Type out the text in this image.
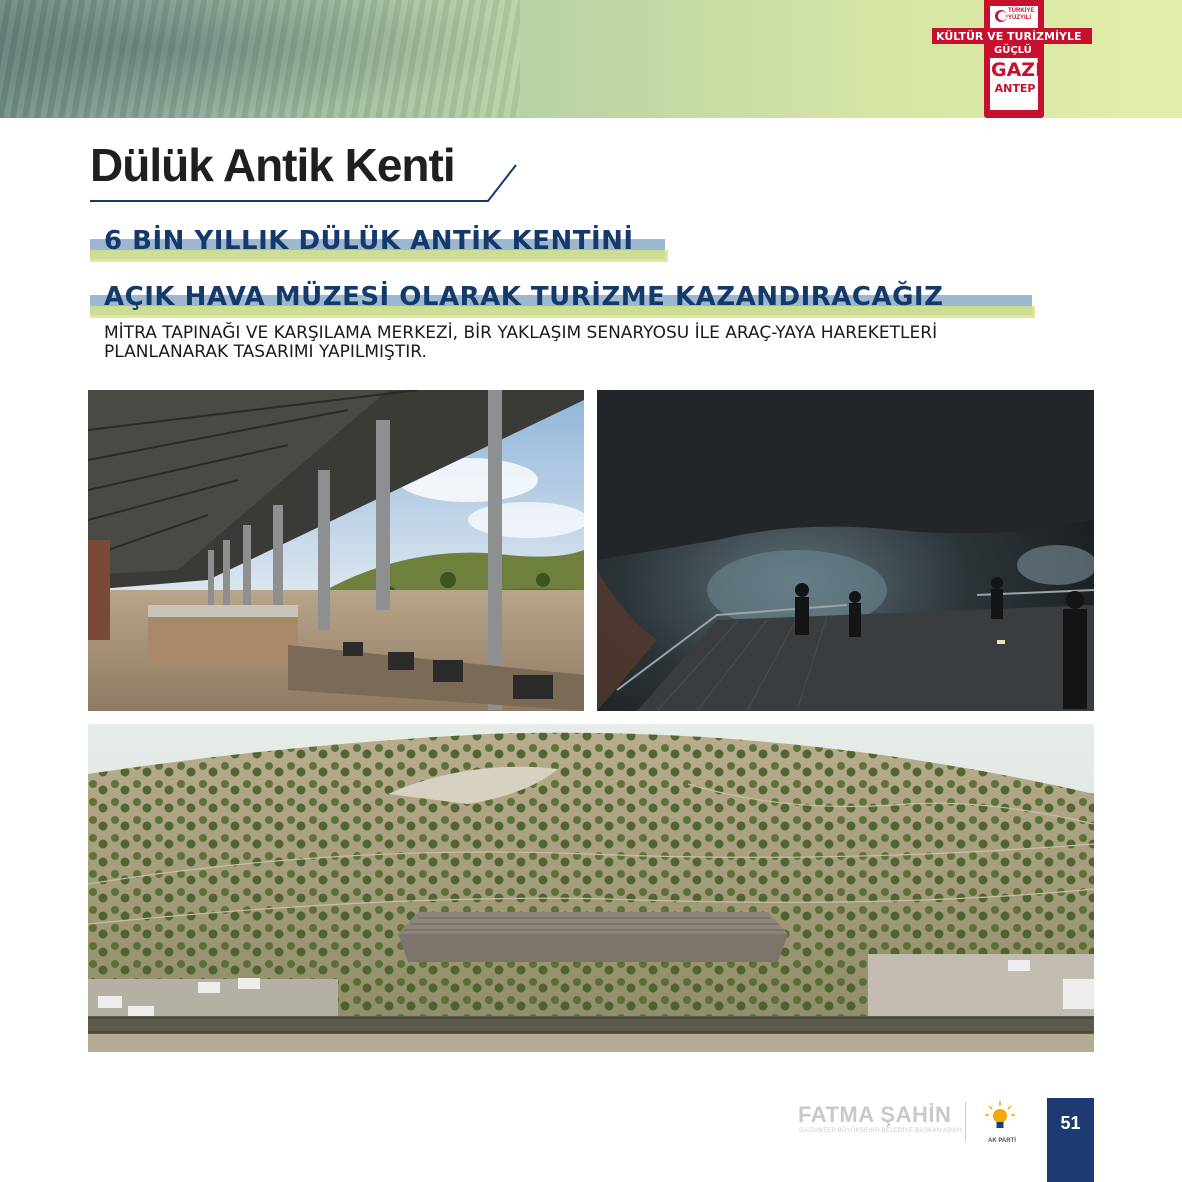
TÜRKİYE YÜZYILI
KÜLTÜR VE TURİZMİYLE
GÜÇLÜ
GAZİ
ANTEP
Dülük Antik Kenti
6 BİN YILLIK DÜLÜK ANTİK KENTİNİ
AÇIK HAVA MÜZESİ OLARAK TURİZME KAZANDIRACAĞIZ
MİTRA TAPINAĞI VE KARŞILAMA MERKEZİ, BİR YAKLAŞIM SENARYOSU İLE ARAÇ-YAYA HAREKETLERİ PLANLANARAK TASARIMI YAPILMIŞTIR.
FATMA ŞAHİN
GAZİANTEP BÜYÜKŞEHİR BELEDİYE BAŞKAN ADAYI
AK PARTİ
51
